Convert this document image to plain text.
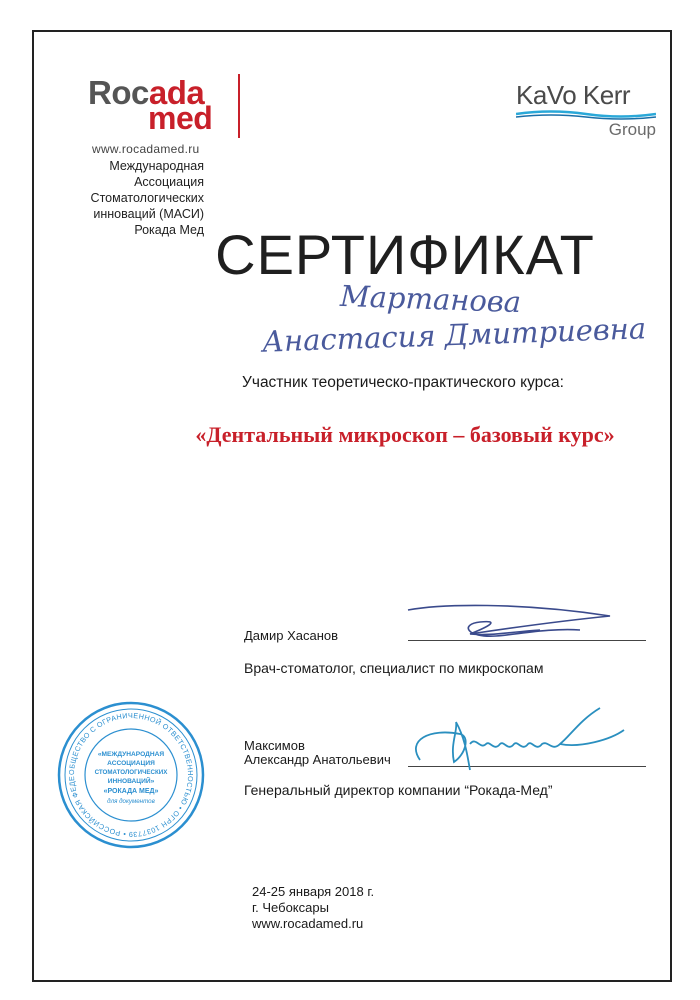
Rocada
med
www.rocadamed.ru
Международная
Ассоциация
Стоматологических
инноваций (МАСИ)
Рокада Мед
KaVo Kerr
Group
СЕРТИФИКАТ
Мартанова
Анастасия Дмитриевна
Участник теоретическо-практического курса:
«Дентальный микроскоп – базовый курс»
Дамир Хасанов
Врач-стоматолог, специалист по микроскопам
Максимов
Александр Анатольевич
Генеральный директор компании “Рокада-Мед”
ОБЩЕСТВО С ОГРАНИЧЕННОЙ ОТВЕТСТВЕННОСТЬЮ • ОГРН 1037739 • РОССИЙСКАЯ ФЕДЕ
«МЕЖДУНАРОДНАЯ
АССОЦИАЦИЯ
СТОМАТОЛОГИЧЕСКИХ
ИННОВАЦИЙ»
«РОКАДА МЕД»
для документов
24-25 января 2018 г.
г. Чебоксары
www.rocadamed.ru
